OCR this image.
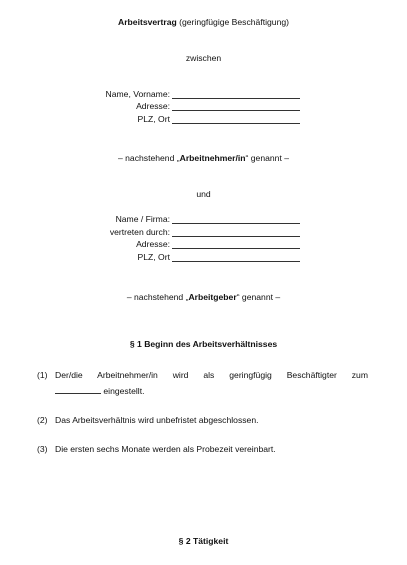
Arbeitsvertrag (geringfügige Beschäftigung)
zwischen
Name, Vorname:
Adresse:
PLZ, Ort
– nachstehend „Arbeitnehmer/in“ genannt –
und
Name / Firma:
vertreten durch:
Adresse:
PLZ, Ort
– nachstehend „Arbeitgeber“ genannt –
§ 1 Beginn des Arbeitsverhältnisses
(1) Der/die Arbeitnehmer/in wird als geringfügig Beschäftigter zum
eingestellt.
(2) Das Arbeitsverhältnis wird unbefristet abgeschlossen.
(3) Die ersten sechs Monate werden als Probezeit vereinbart.
§ 2 Tätigkeit
